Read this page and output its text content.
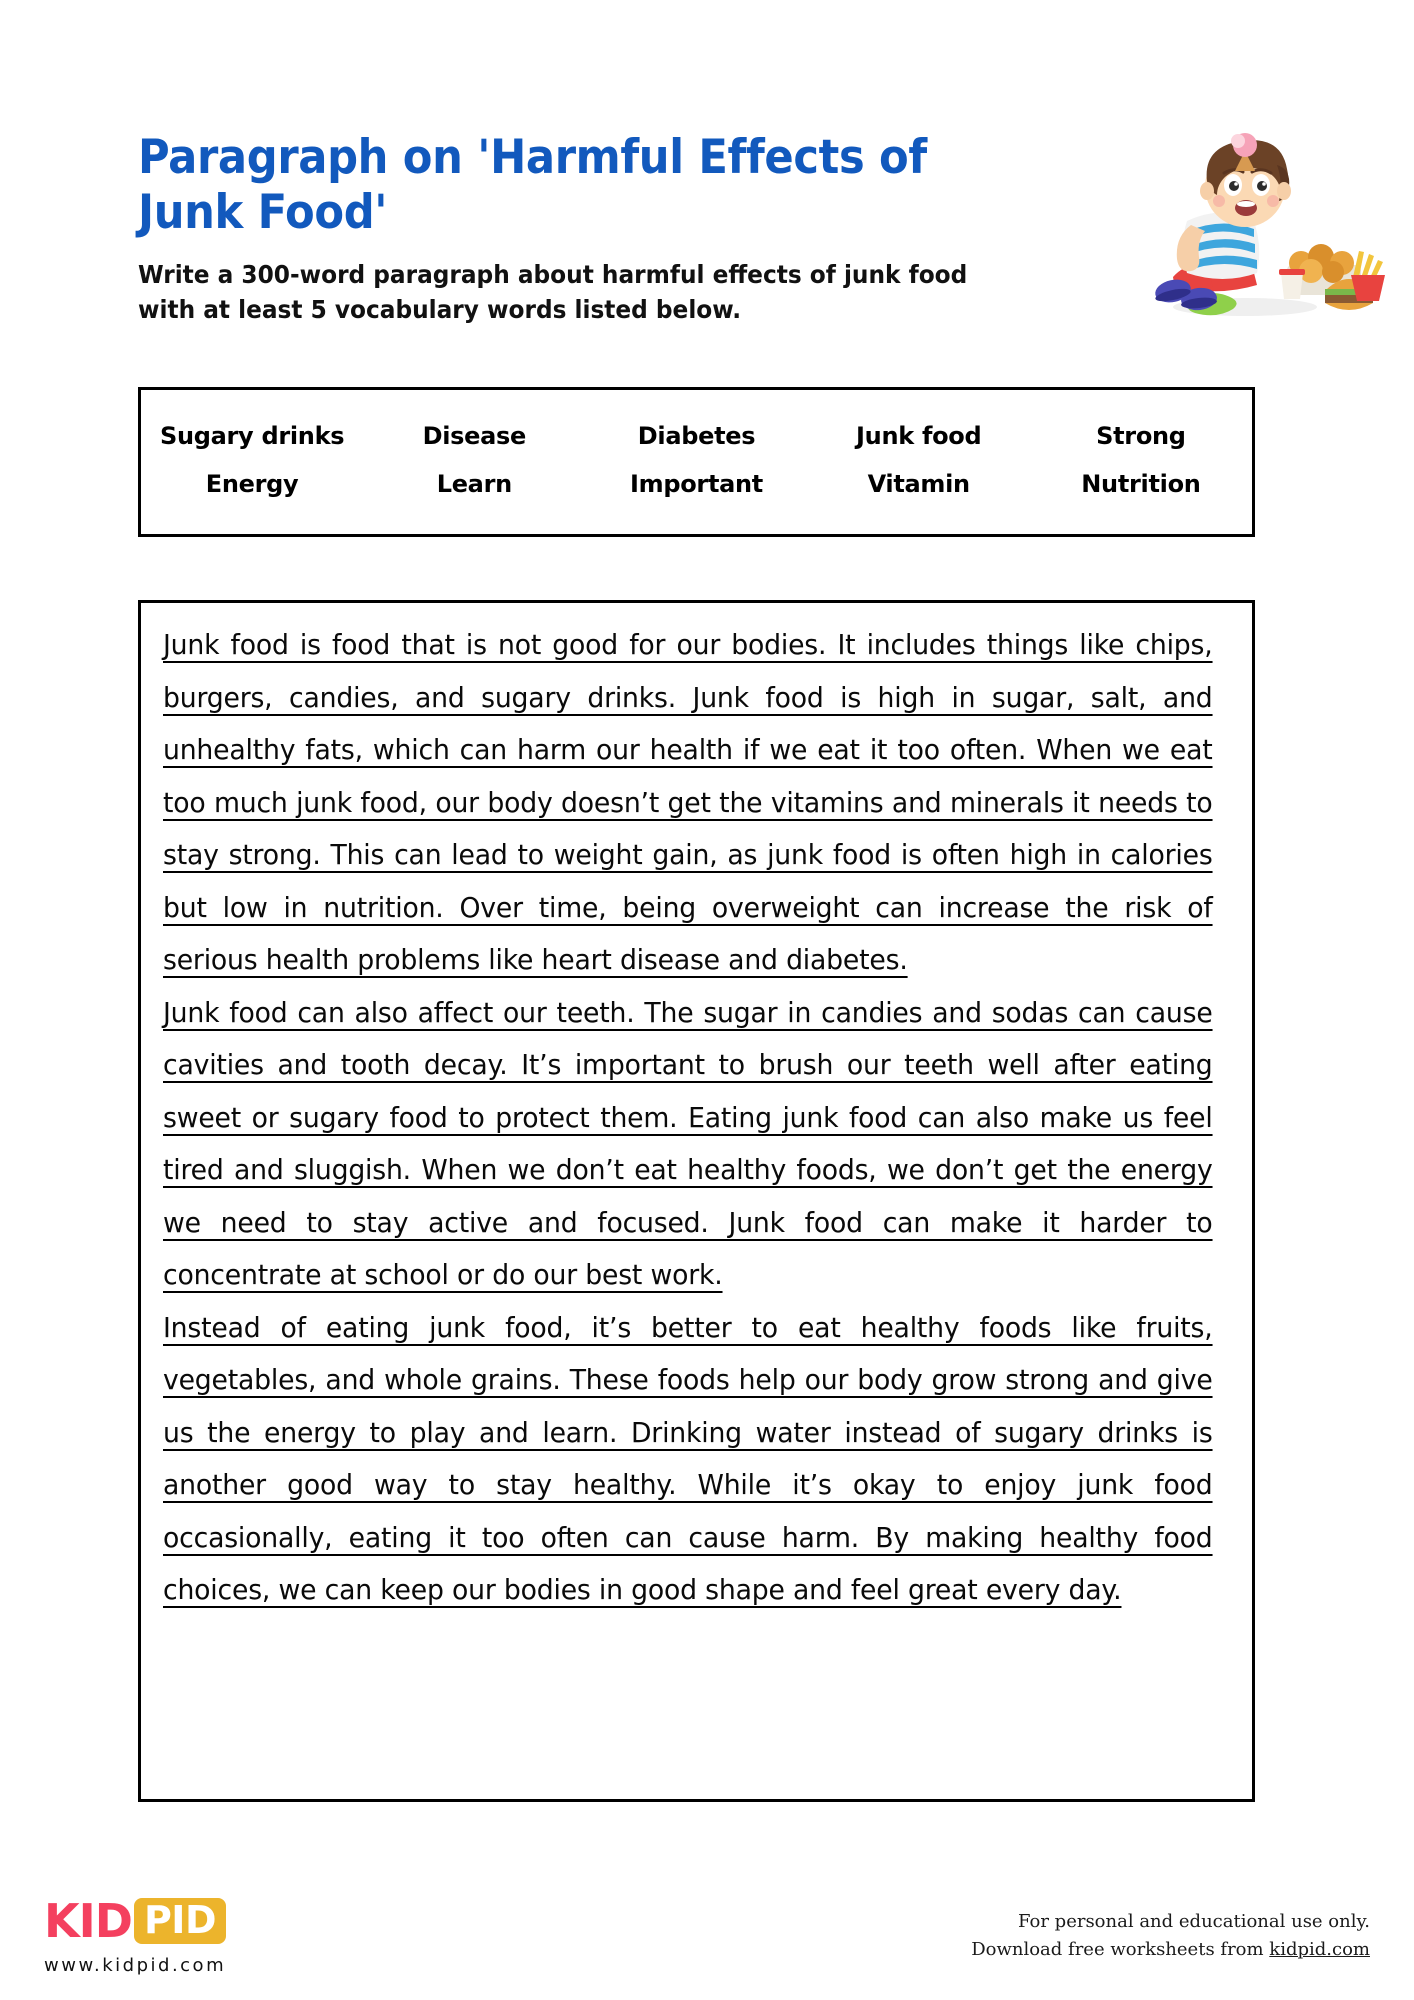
Paragraph on 'Harmful Effects of Junk Food'
Write a 300-word paragraph about harmful effects of junk food with at least 5 vocabulary words listed below.
Sugary drinks	Disease	Diabetes	Junk food	Strong
Energy	Learn	Important	Vitamin	Nutrition
Junk food is food that is not good for our bodies. It includes things like chips, burgers, candies, and sugary drinks. Junk food is high in sugar, salt, and unhealthy fats, which can harm our health if we eat it too often. When we eat too much junk food, our body doesn’t get the vitamins and minerals it needs to stay strong. This can lead to weight gain, as junk food is often high in calories but low in nutrition. Over time, being overweight can increase the risk of serious health problems like heart disease and diabetes.
Junk food can also affect our teeth. The sugar in candies and sodas can cause cavities and tooth decay. It’s important to brush our teeth well after eating sweet or sugary food to protect them. Eating junk food can also make us feel tired and sluggish. When we don’t eat healthy foods, we don’t get the energy we need to stay active and focused. Junk food can make it harder to concentrate at school or do our best work.
Instead of eating junk food, it’s better to eat healthy foods like fruits, vegetables, and whole grains. These foods help our body grow strong and give us the energy to play and learn. Drinking water instead of sugary drinks is another good way to stay healthy. While it’s okay to enjoy junk food occasionally, eating it too often can cause harm. By making healthy food choices, we can keep our bodies in good shape and feel great every day.
KID PID
www.kidpid.com
For personal and educational use only.
Download free worksheets from kidpid.com
